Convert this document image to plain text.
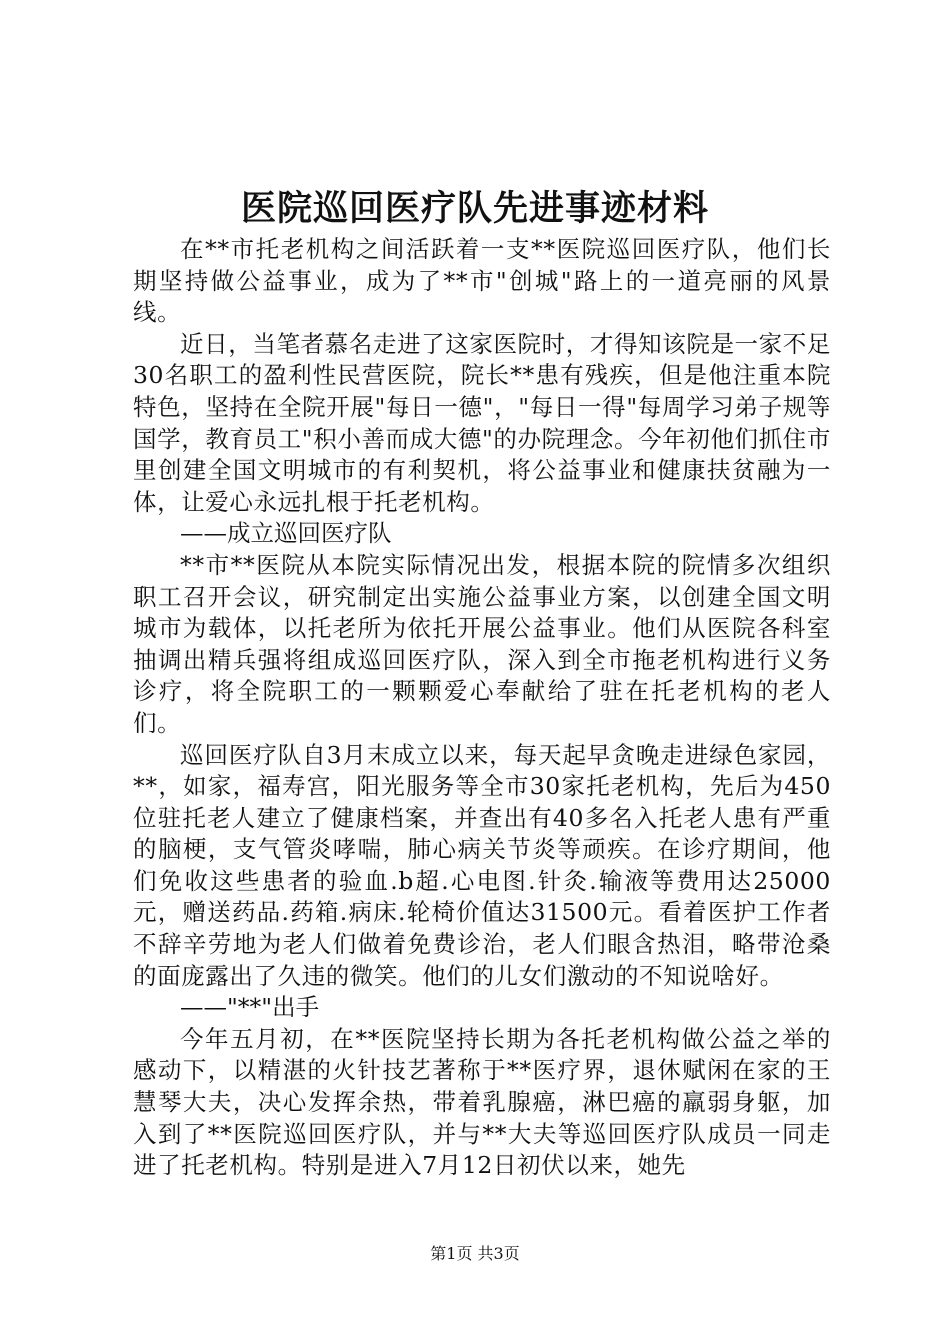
医院巡回医疗队先进事迹材料

在**市托老机构之间活跃着一支**医院巡回医疗队，他们长期坚持做公益事业，成为了**市"创城"路上的一道亮丽的风景线。

近日，当笔者慕名走进了这家医院时，才得知该院是一家不足30名职工的盈利性民营医院，院长**患有残疾，但是他注重本院特色，坚持在全院开展"每日一德"，"每日一得"每周学习弟子规等国学，教育员工"积小善而成大德"的办院理念。今年初他们抓住市里创建全国文明城市的有利契机，将公益事业和健康扶贫融为一体，让爱心永远扎根于托老机构。

——成立巡回医疗队

**市**医院从本院实际情况出发，根据本院的院情多次组织职工召开会议，研究制定出实施公益事业方案，以创建全国文明城市为载体，以托老所为依托开展公益事业。他们从医院各科室抽调出精兵强将组成巡回医疗队，深入到全市拖老机构进行义务诊疗，将全院职工的一颗颗爱心奉献给了驻在托老机构的老人们。

巡回医疗队自3月末成立以来，每天起早贪晚走进绿色家园，**，如家，福寿宫，阳光服务等全市30家托老机构，先后为450位驻托老人建立了健康档案，并查出有40多名入托老人患有严重的脑梗，支气管炎哮喘，肺心病关节炎等顽疾。在诊疗期间，他们免收这些患者的验血.b超.心电图.针灸.输液等费用达25000元，赠送药品.药箱.病床.轮椅价值达31500元。看着医护工作者不辞辛劳地为老人们做着免费诊治，老人们眼含热泪，略带沧桑的面庞露出了久违的微笑。他们的儿女们激动的不知说啥好。

——"**"出手

今年五月初，在**医院坚持长期为各托老机构做公益之举的感动下，以精湛的火针技艺著称于**医疗界，退休赋闲在家的王慧琴大夫，决心发挥余热，带着乳腺癌，淋巴癌的羸弱身躯，加入到了**医院巡回医疗队，并与**大夫等巡回医疗队成员一同走进了托老机构。特别是进入7月12日初伏以来，她先

第1页 共3页
